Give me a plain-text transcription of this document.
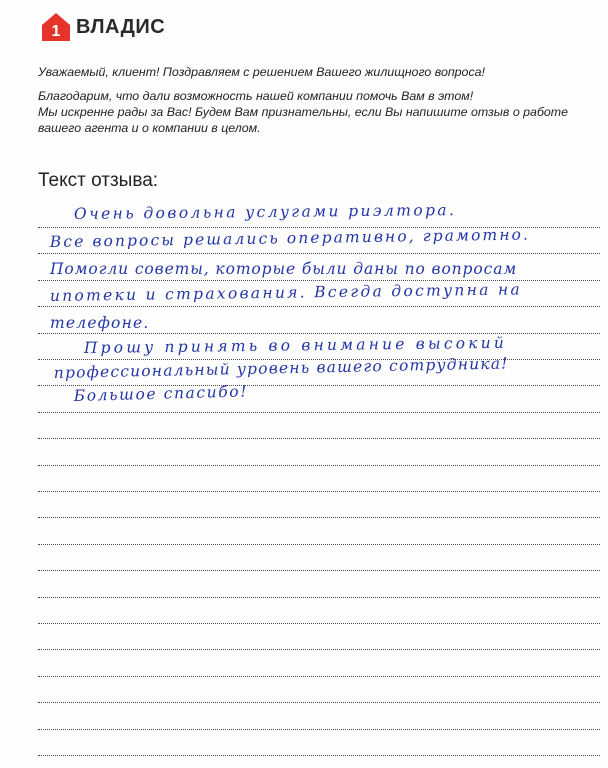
1 ВЛАДИС
Уважаемый, клиент! Поздравляем с решением Вашего жилищного вопроса!

Благодарим, что дали возможность нашей компании помочь Вам в этом!

Мы искренне рады за Вас! Будем Вам признательны, если Вы напишите отзыв о работе

вашего агента и о компании в целом.

Текст отзыва:
Очень довольна услугами риэлтора.
Все вопросы решались оперативно, грамотно.
Помогли советы, которые были даны по вопросам
ипотеки и страхования. Всегда доступна на
телефоне.
Прошу принять во внимание высокий
профессиональный уровень вашего сотрудника!
Большое спасибо!
